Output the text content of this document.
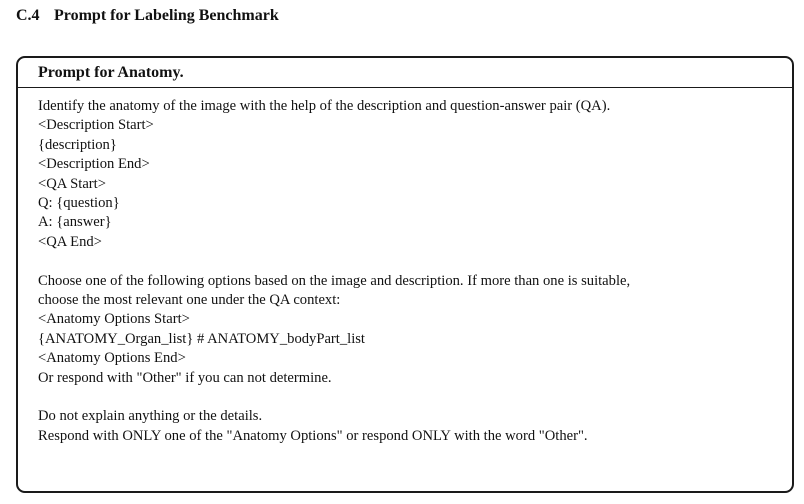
C.4 Prompt for Labeling Benchmark
Prompt for Anatomy.
Identify the anatomy of the image with the help of the description and question-answer pair (QA).
<Description Start>
{description}
<Description End>
<QA Start>
Q: {question}
A: {answer}
<QA End>
Choose one of the following options based on the image and description. If more than one is suitable,
choose the most relevant one under the QA context:
<Anatomy Options Start>
{ANATOMY_Organ_list} # ANATOMY_bodyPart_list
<Anatomy Options End>
Or respond with "Other" if you can not determine.
Do not explain anything or the details.
Respond with ONLY one of the "Anatomy Options" or respond ONLY with the word "Other".
